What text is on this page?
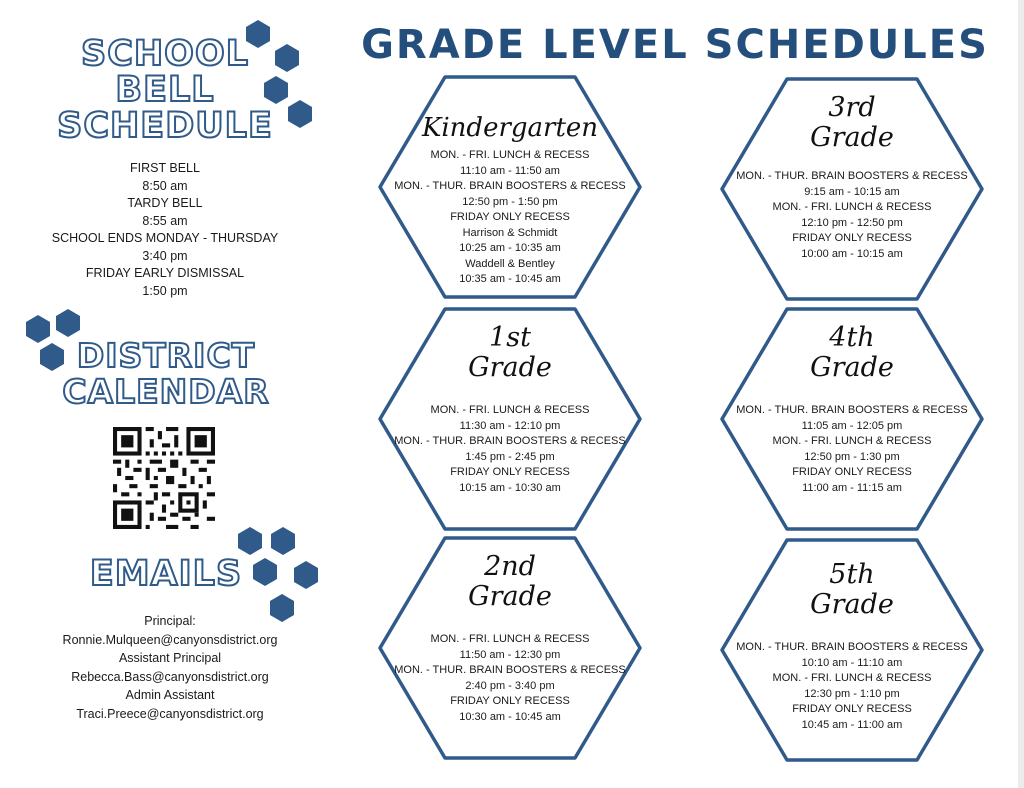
SCHOOL
BELL
SCHEDULE
FIRST BELL
8:50 am
TARDY BELL
8:55 am
SCHOOL ENDS MONDAY - THURSDAY
3:40 pm
FRIDAY EARLY DISMISSAL
1:50 pm
DISTRICT
CALENDAR
EMAILS
Principal:
Ronnie.Mulqueen@canyonsdistrict.org
Assistant Principal
Rebecca.Bass@canyonsdistrict.org
Admin Assistant
Traci.Preece@canyonsdistrict.org
GRADE LEVEL SCHEDULES
Kindergarten
MON. - FRI. LUNCH & RECESS
11:10 am - 11:50 am
MON. - THUR. BRAIN BOOSTERS & RECESS
12:50 pm - 1:50 pm
FRIDAY ONLY RECESS
Harrison & Schmidt
10:25 am - 10:35 am
Waddell & Bentley
10:35 am - 10:45 am
3rd
Grade
MON. - THUR. BRAIN BOOSTERS & RECESS
9:15 am - 10:15 am
MON. - FRI. LUNCH & RECESS
12:10 pm - 12:50 pm
FRIDAY ONLY RECESS
10:00 am - 10:15 am
1st
Grade
MON. - FRI. LUNCH & RECESS
11:30 am - 12:10 pm
MON. - THUR. BRAIN BOOSTERS & RECESS
1:45 pm - 2:45 pm
FRIDAY ONLY RECESS
10:15 am - 10:30 am
4th
Grade
MON. - THUR. BRAIN BOOSTERS & RECESS
11:05 am - 12:05 pm
MON. - FRI. LUNCH & RECESS
12:50 pm - 1:30 pm
FRIDAY ONLY RECESS
11:00 am - 11:15 am
2nd
Grade
MON. - FRI. LUNCH & RECESS
11:50 am - 12:30 pm
MON. - THUR. BRAIN BOOSTERS & RECESS
2:40 pm - 3:40 pm
FRIDAY ONLY RECESS
10:30 am - 10:45 am
5th
Grade
MON. - THUR. BRAIN BOOSTERS & RECESS
10:10 am - 11:10 am
MON. - FRI. LUNCH & RECESS
12:30 pm - 1:10 pm
FRIDAY ONLY RECESS
10:45 am - 11:00 am
